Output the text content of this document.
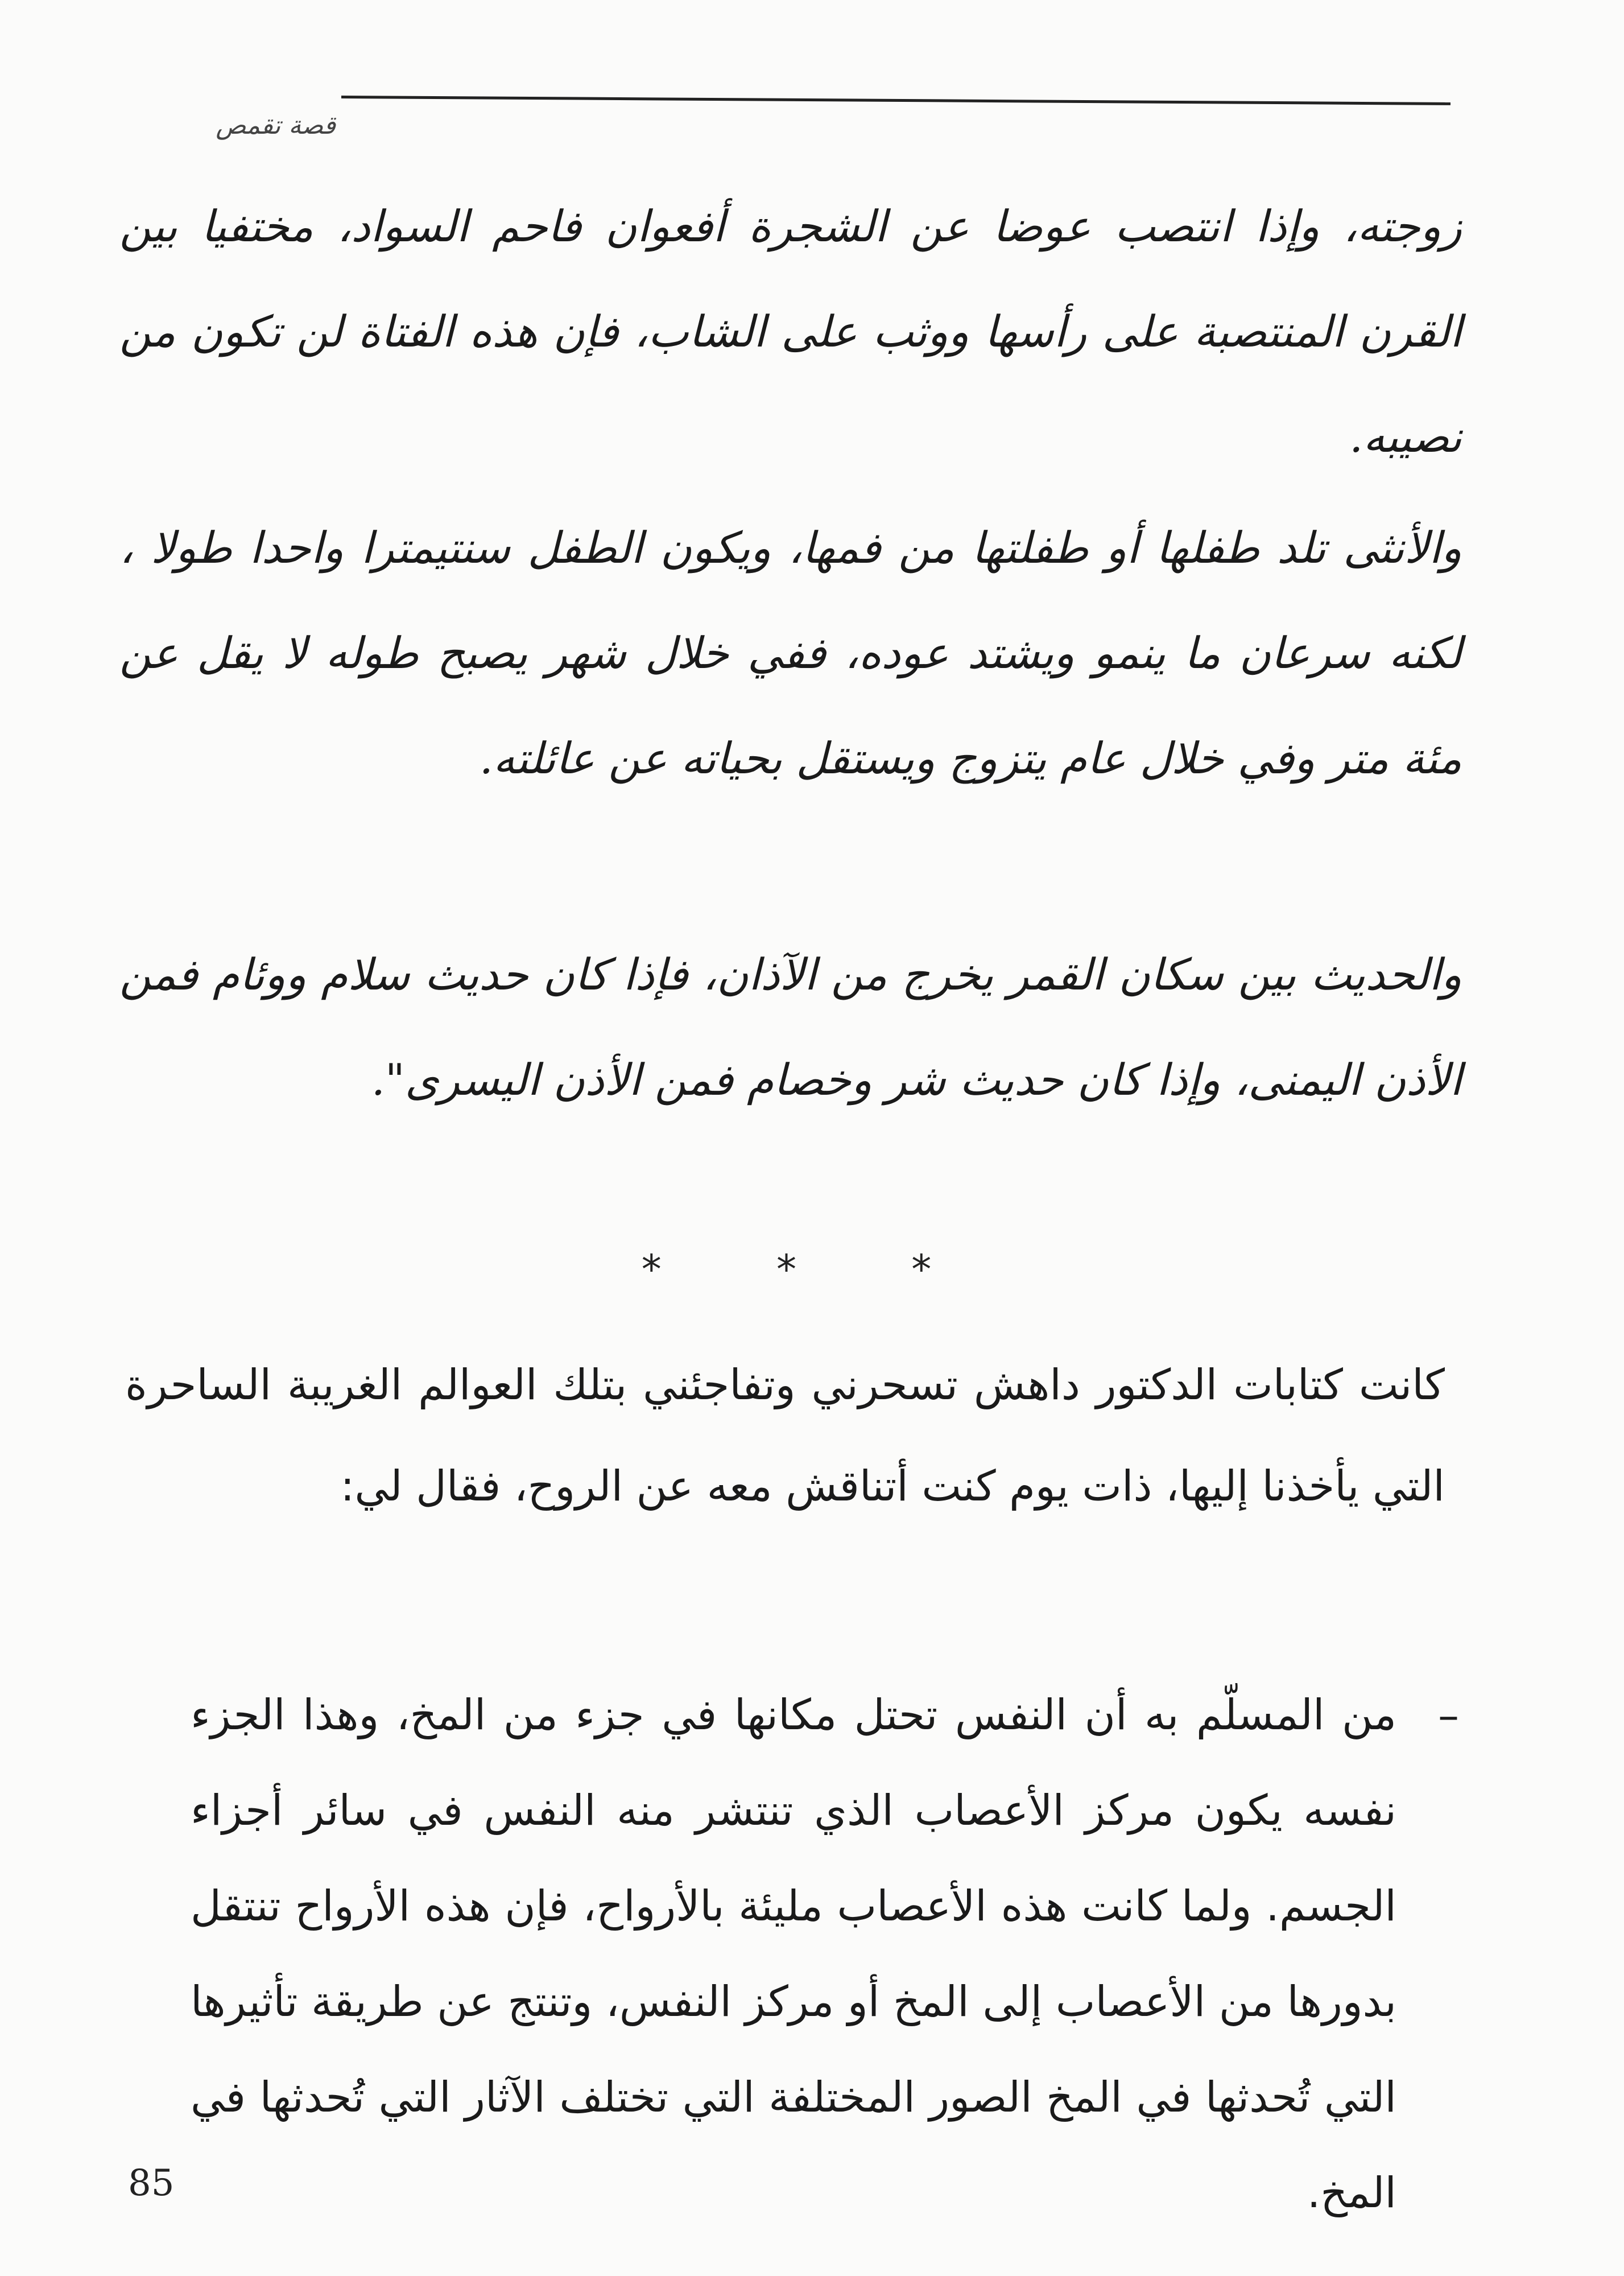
قصة تقمص

زوجته، وإذا انتصب عوضا عن الشجرة أفعوان فاحم السواد، مختفيا بين القرن المنتصبة على رأسها ووثب على الشاب، فإن هذه الفتاة لن تكون من نصيبه.

والأنثى تلد طفلها أو طفلتها من فمها، ويكون الطفل سنتيمترا واحدا طولا ، لكنه سرعان ما ينمو ويشتد عوده، ففي خلال شهر يصبح طوله لا يقل عن مئة متر وفي خلال عام يتزوج ويستقل بحياته عن عائلته.

والحديث بين سكان القمر يخرج من الآذان، فإذا كان حديث سلام ووئام فمن الأذن اليمنى، وإذا كان حديث شر وخصام فمن الأذن اليسرى".

* * *

كانت كتابات الدكتور داهش تسحرني وتفاجئني بتلك العوالم الغريبة الساحرة التي يأخذنا إليها، ذات يوم كنت أتناقش معه عن الروح، فقال لي:

–

من المسلّم به أن النفس تحتل مكانها في جزء من المخ، وهذا الجزء نفسه يكون مركز الأعصاب الذي تنتشر منه النفس في سائر أجزاء الجسم. ولما كانت هذه الأعصاب مليئة بالأرواح، فإن هذه الأرواح تنتقل بدورها من الأعصاب إلى المخ أو مركز النفس، وتنتج عن طريقة تأثيرها التي تُحدثها في المخ الصور المختلفة التي تختلف الآثار التي تُحدثها في المخ.

85
